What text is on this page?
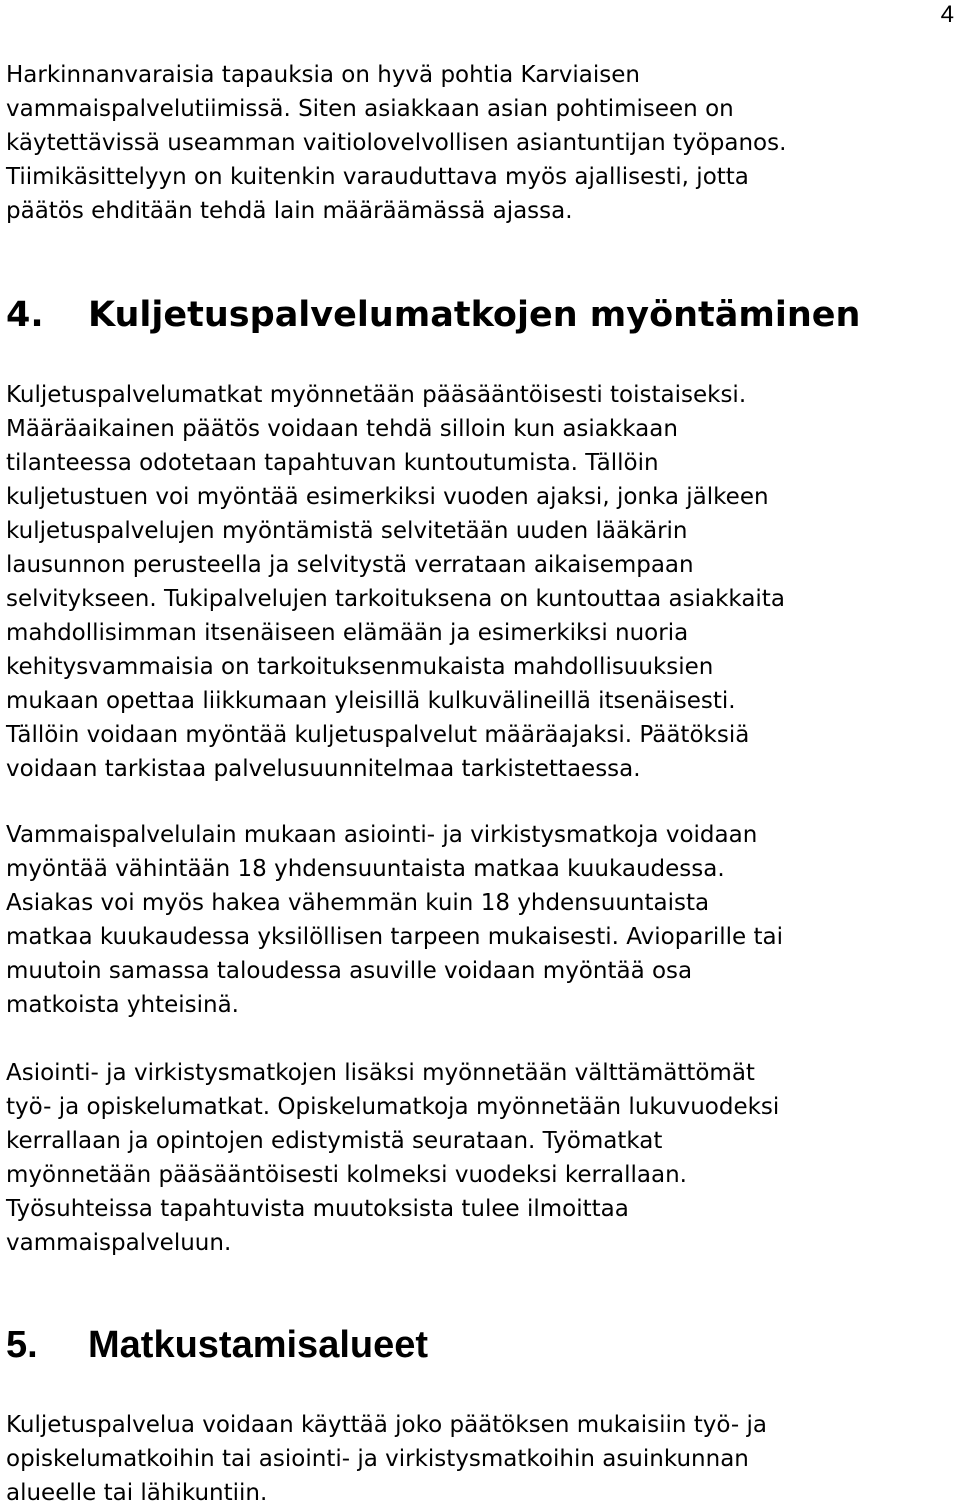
4

Harkinnanvaraisia tapauksia on hyvä pohtia Karviaisen
vammaispalvelutiimissä. Siten asiakkaan asian pohtimiseen on
käytettävissä useamman vaitiolovelvollisen asiantuntijan työpanos.
Tiimikäsittelyyn on kuitenkin varauduttava myös ajallisesti, jotta
päätös ehditään tehdä lain määräämässä ajassa.

4. Kuljetuspalvelumatkojen myöntäminen

Kuljetuspalvelumatkat myönnetään pääsääntöisesti toistaiseksi.
Määräaikainen päätös voidaan tehdä silloin kun asiakkaan
tilanteessa odotetaan tapahtuvan kuntoutumista. Tällöin
kuljetustuen voi myöntää esimerkiksi vuoden ajaksi, jonka jälkeen
kuljetuspalvelujen myöntämistä selvitetään uuden lääkärin
lausunnon perusteella ja selvitystä verrataan aikaisempaan
selvitykseen. Tukipalvelujen tarkoituksena on kuntouttaa asiakkaita
mahdollisimman itsenäiseen elämään ja esimerkiksi nuoria
kehitysvammaisia on tarkoituksenmukaista mahdollisuuksien
mukaan opettaa liikkumaan yleisillä kulkuvälineillä itsenäisesti.
Tällöin voidaan myöntää kuljetuspalvelut määräajaksi. Päätöksiä
voidaan tarkistaa palvelusuunnitelmaa tarkistettaessa.

Vammaispalvelulain mukaan asiointi- ja virkistysmatkoja voidaan
myöntää vähintään 18 yhdensuuntaista matkaa kuukaudessa.
Asiakas voi myös hakea vähemmän kuin 18 yhdensuuntaista
matkaa kuukaudessa yksilöllisen tarpeen mukaisesti. Avioparille tai
muutoin samassa taloudessa asuville voidaan myöntää osa
matkoista yhteisinä.

Asiointi- ja virkistysmatkojen lisäksi myönnetään välttämättömät
työ- ja opiskelumatkat. Opiskelumatkoja myönnetään lukuvuodeksi
kerrallaan ja opintojen edistymistä seurataan. Työmatkat
myönnetään pääsääntöisesti kolmeksi vuodeksi kerrallaan.
Työsuhteissa tapahtuvista muutoksista tulee ilmoittaa
vammaispalveluun.

5. Matkustamisalueet

Kuljetuspalvelua voidaan käyttää joko päätöksen mukaisiin työ- ja
opiskelumatkoihin tai asiointi- ja virkistysmatkoihin asuinkunnan
alueelle tai lähikuntiin.
